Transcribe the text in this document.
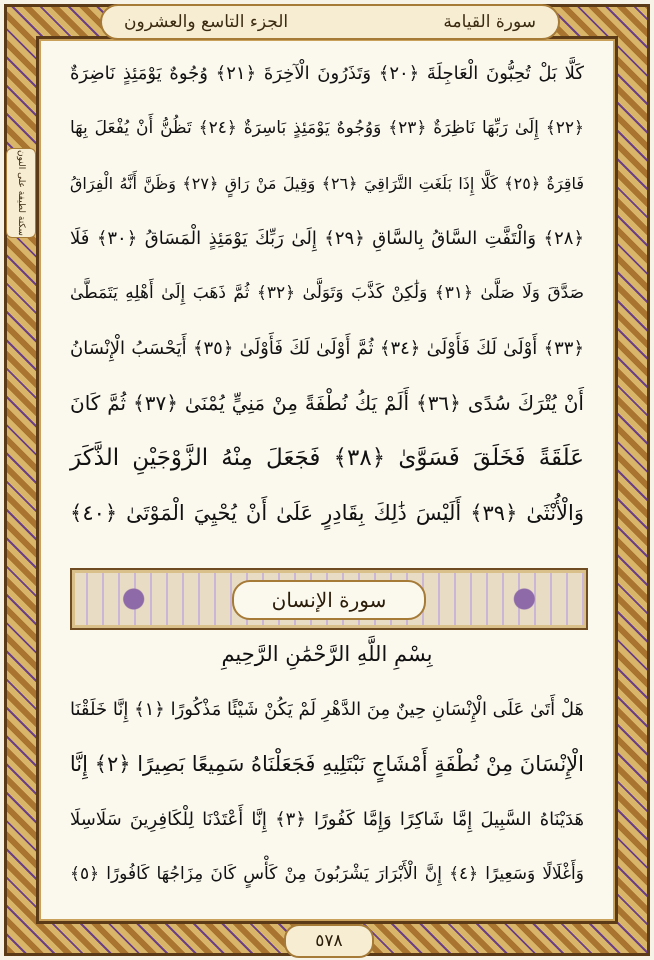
سورة القيامة
الجزء التاسع والعشرون
سكتة لطيفة على النون
كَلَّا بَلْ تُحِبُّونَ الْعَاجِلَةَ ﴿٢٠﴾ وَتَذَرُونَ الْآخِرَةَ ﴿٢١﴾ وُجُوهٌ يَوْمَئِذٍ نَاضِرَةٌ
﴿٢٢﴾ إِلَىٰ رَبِّهَا نَاظِرَةٌ ﴿٢٣﴾ وَوُجُوهٌ يَوْمَئِذٍ بَاسِرَةٌ ﴿٢٤﴾ تَظُنُّ أَنْ يُفْعَلَ بِهَا
فَاقِرَةٌ ﴿٢٥﴾ كَلَّا إِذَا بَلَغَتِ التَّرَاقِيَ ﴿٢٦﴾ وَقِيلَ مَنْ رَاقٍ ﴿٢٧﴾ وَظَنَّ أَنَّهُ الْفِرَاقُ
﴿٢٨﴾ وَالْتَفَّتِ السَّاقُ بِالسَّاقِ ﴿٢٩﴾ إِلَىٰ رَبِّكَ يَوْمَئِذٍ الْمَسَاقُ ﴿٣٠﴾ فَلَا
صَدَّقَ وَلَا صَلَّىٰ ﴿٣١﴾ وَلَٰكِنْ كَذَّبَ وَتَوَلَّىٰ ﴿٣٢﴾ ثُمَّ ذَهَبَ إِلَىٰ أَهْلِهِ يَتَمَطَّىٰ
﴿٣٣﴾ أَوْلَىٰ لَكَ فَأَوْلَىٰ ﴿٣٤﴾ ثُمَّ أَوْلَىٰ لَكَ فَأَوْلَىٰ ﴿٣٥﴾ أَيَحْسَبُ الْإِنْسَانُ
أَنْ يُتْرَكَ سُدًى ﴿٣٦﴾ أَلَمْ يَكُ نُطْفَةً مِنْ مَنِيٍّ يُمْنَىٰ ﴿٣٧﴾ ثُمَّ كَانَ
عَلَقَةً فَخَلَقَ فَسَوَّىٰ ﴿٣٨﴾ فَجَعَلَ مِنْهُ الزَّوْجَيْنِ الذَّكَرَ
وَالْأُنْثَىٰ ﴿٣٩﴾ أَلَيْسَ ذَٰلِكَ بِقَادِرٍ عَلَىٰ أَنْ يُحْيِيَ الْمَوْتَىٰ ﴿٤٠﴾
سورة الإنسان
بِسْمِ اللَّهِ الرَّحْمَٰنِ الرَّحِيمِ
هَلْ أَتَىٰ عَلَى الْإِنْسَانِ حِينٌ مِنَ الدَّهْرِ لَمْ يَكُنْ شَيْئًا مَذْكُورًا ﴿١﴾ إِنَّا خَلَقْنَا
الْإِنْسَانَ مِنْ نُطْفَةٍ أَمْشَاجٍ نَبْتَلِيهِ فَجَعَلْنَاهُ سَمِيعًا بَصِيرًا ﴿٢﴾ إِنَّا
هَدَيْنَاهُ السَّبِيلَ إِمَّا شَاكِرًا وَإِمَّا كَفُورًا ﴿٣﴾ إِنَّا أَعْتَدْنَا لِلْكَافِرِينَ سَلَاسِلَا
وَأَغْلَالًا وَسَعِيرًا ﴿٤﴾ إِنَّ الْأَبْرَارَ يَشْرَبُونَ مِنْ كَأْسٍ كَانَ مِزَاجُهَا كَافُورًا ﴿٥﴾
٥٧٨
